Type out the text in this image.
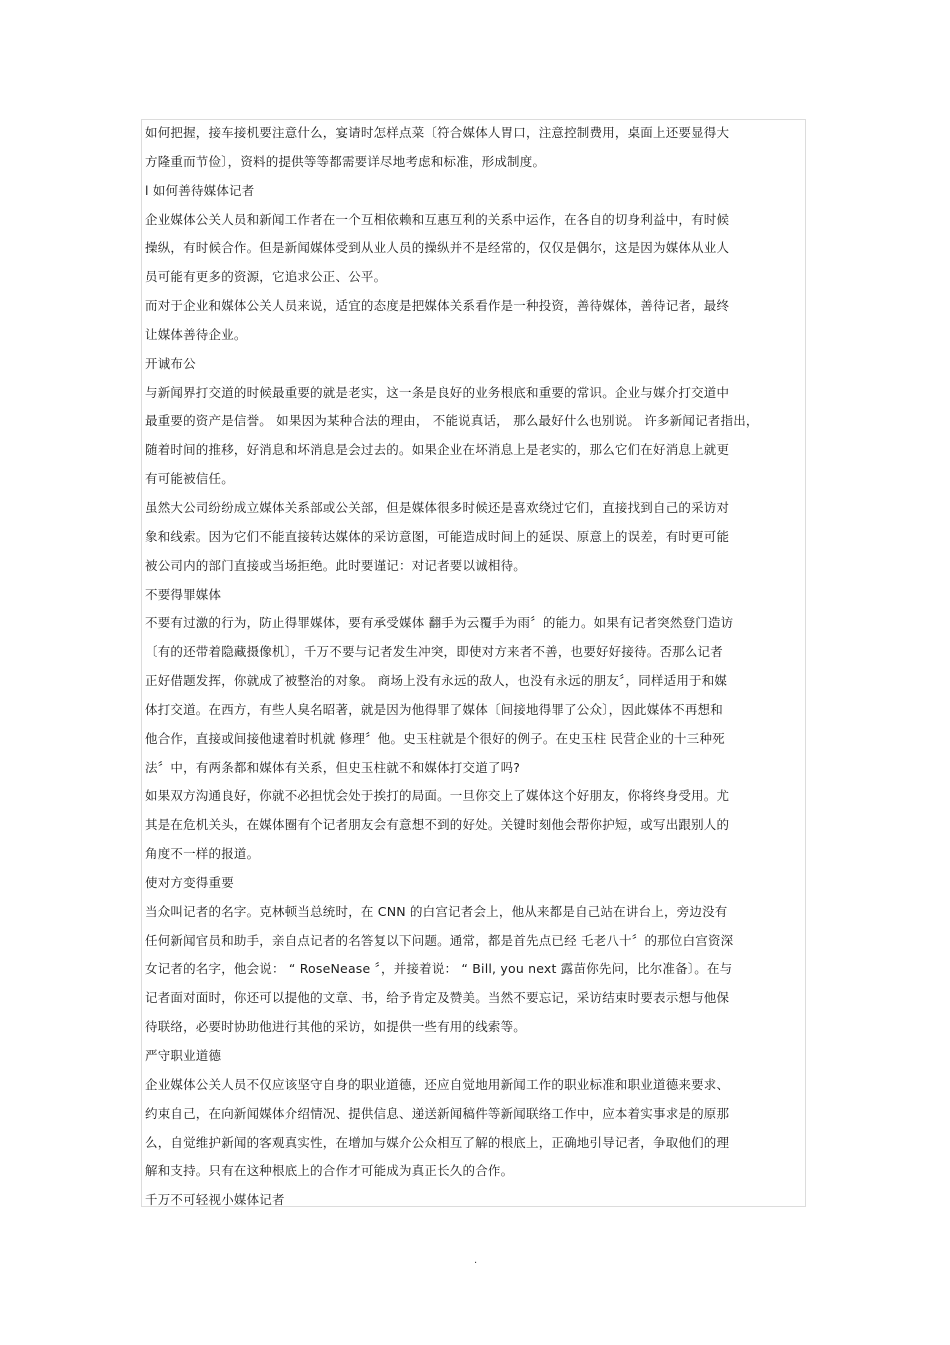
如何把握，接车接机要注意什么，宴请时怎样点菜〔符合媒体人胃口，注意控制费用，桌面上还要显得大
方隆重而节俭〕，资料的提供等等都需要详尽地考虑和标准，形成制度。
l 如何善待媒体记者
企业媒体公关人员和新闻工作者在一个互相依赖和互惠互利的关系中运作，在各自的切身利益中，有时候
操纵，有时候合作。但是新闻媒体受到从业人员的操纵并不是经常的，仅仅是偶尔，这是因为媒体从业人
员可能有更多的资源，它追求公正、公平。
而对于企业和媒体公关人员来说，适宜的态度是把媒体关系看作是一种投资，善待媒体，善待记者，最终
让媒体善待企业。
开诚布公
与新闻界打交道的时候最重要的就是老实，这一条是良好的业务根底和重要的常识。企业与媒介打交道中
最重要的资产是信誉。 如果因为某种合法的理由， 不能说真话， 那么最好什么也别说。 许多新闻记者指出，
随着时间的推移，好消息和坏消息是会过去的。如果企业在坏消息上是老实的，那么它们在好消息上就更
有可能被信任。
虽然大公司纷纷成立媒体关系部或公关部，但是媒体很多时候还是喜欢绕过它们，直接找到自己的采访对
象和线索。因为它们不能直接转达媒体的采访意图，可能造成时间上的延误、原意上的误差，有时更可能
被公司内的部门直接或当场拒绝。此时要谨记：对记者要以诚相待。
不要得罪媒体
不要有过激的行为，防止得罪媒体，要有承受媒体 翻手为云覆手为雨〞的能力。如果有记者突然登门造访
〔有的还带着隐藏摄像机〕，千万不要与记者发生冲突，即使对方来者不善，也要好好接待。否那么记者
正好借题发挥，你就成了被整治的对象。 商场上没有永远的敌人，也没有永远的朋友〞，同样适用于和媒
体打交道。在西方，有些人臭名昭著，就是因为他得罪了媒体〔间接地得罪了公众〕，因此媒体不再想和
他合作，直接或间接他逮着时机就 修理〞他。史玉柱就是个很好的例子。在史玉柱 民营企业的十三种死
法〞中，有两条都和媒体有关系，但史玉柱就不和媒体打交道了吗?
如果双方沟通良好，你就不必担忧会处于挨打的局面。一旦你交上了媒体这个好朋友，你将终身受用。尤
其是在危机关头，在媒体圈有个记者朋友会有意想不到的好处。关键时刻他会帮你护短，或写出跟别人的
角度不一样的报道。
使对方变得重要
当众叫记者的名字。克林顿当总统时，在 CNN 的白宫记者会上，他从来都是自己站在讲台上，旁边没有
任何新闻官员和助手，亲自点记者的名答复以下问题。通常，都是首先点已经 乇老八十〞的那位白宫资深
女记者的名字，他会说： “ RoseNease 〞，并接着说： “ Bill, you next 露苗你先问，比尔准备〕。在与
记者面对面时，你还可以提他的文章、书，给予肯定及赞美。当然不要忘记，采访结束时要表示想与他保
待联络，必要时协助他进行其他的采访，如提供一些有用的线索等。
严守职业道德
企业媒体公关人员不仅应该坚守自身的职业道德，还应自觉地用新闻工作的职业标准和职业道德来要求、
约束自己，在向新闻媒体介绍情况、提供信息、递送新闻稿件等新闻联络工作中，应本着实事求是的原那
么，自觉维护新闻的客观真实性，在增加与媒介公众相互了解的根底上，正确地引导记者，争取他们的理
解和支持。只有在这种根底上的合作才可能成为真正长久的合作。
千万不可轻视小媒体记者
.
